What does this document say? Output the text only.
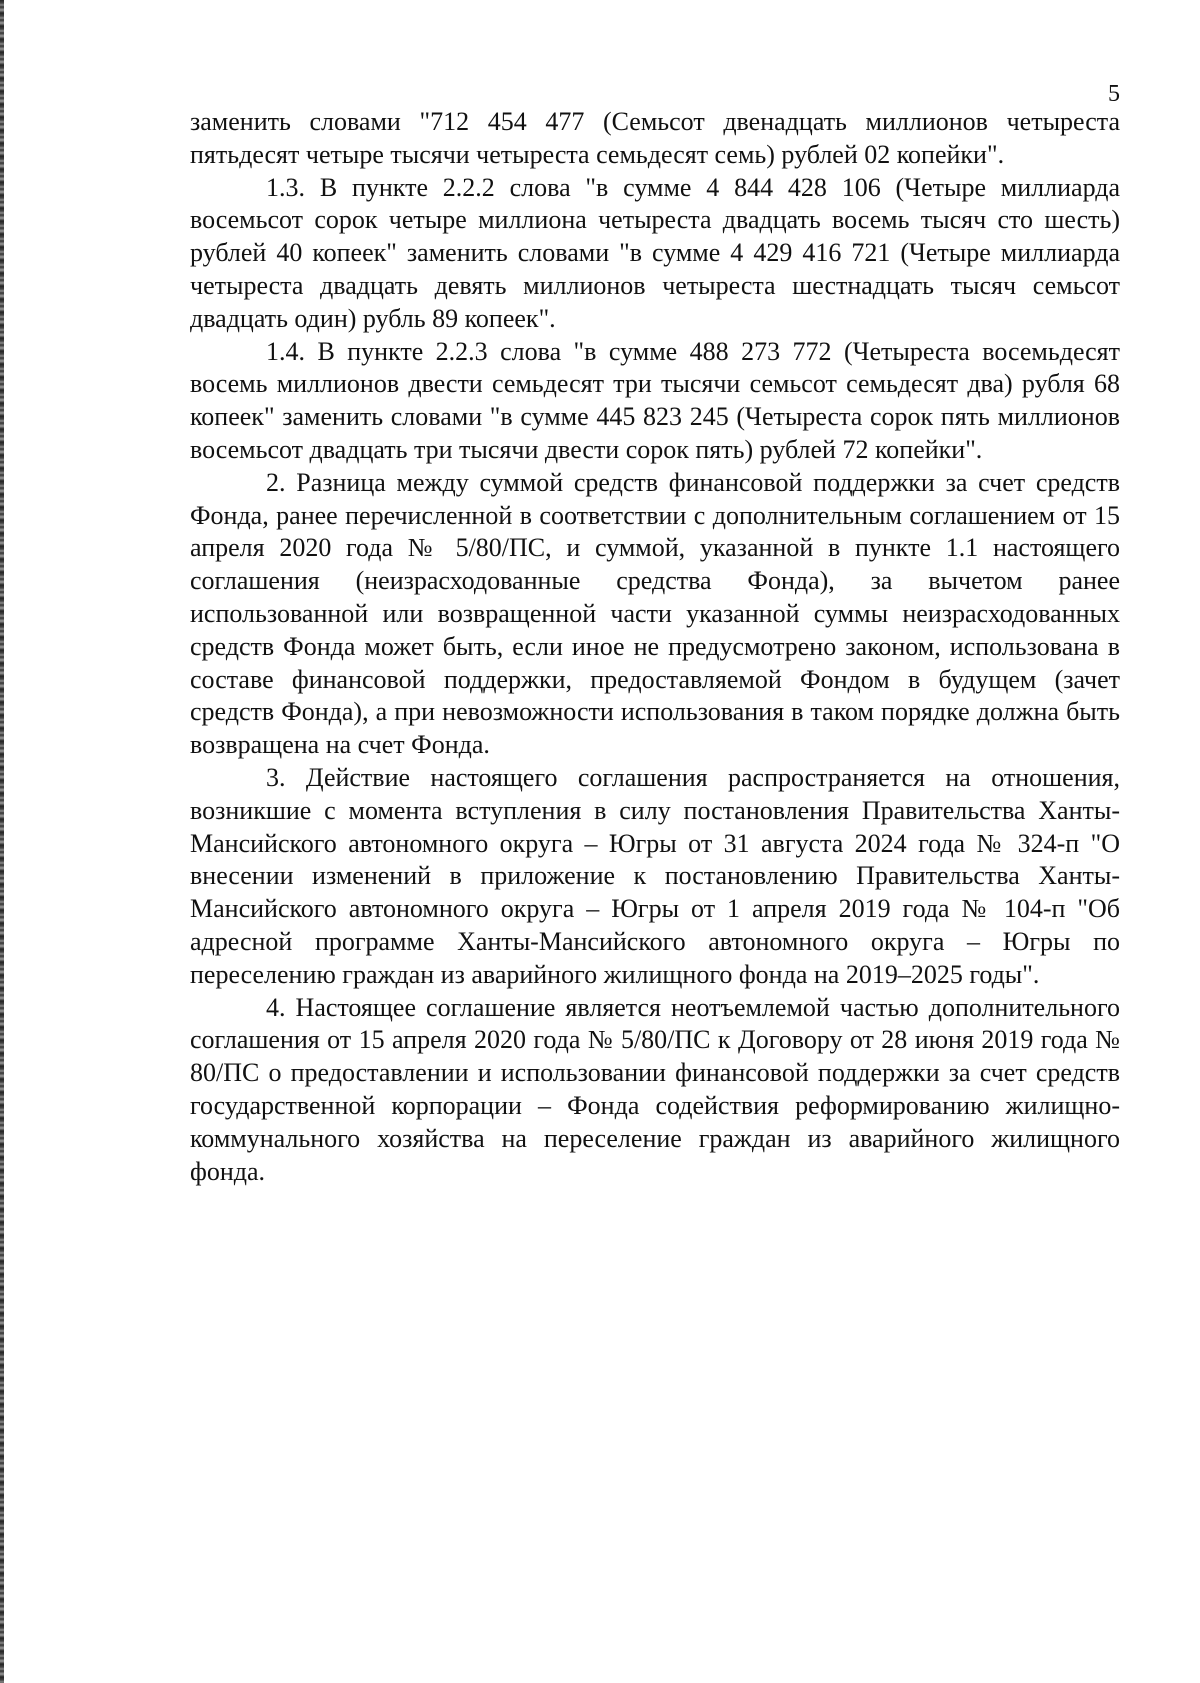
5

заменить словами "712 454 477 (Семьсот двенадцать миллионов четыреста пятьдесят четыре тысячи четыреста семьдесят семь) рублей 02 копейки".

1.3. В пункте 2.2.2 слова "в сумме 4 844 428 106 (Четыре миллиарда восемьсот сорок четыре миллиона четыреста двадцать восемь тысяч сто шесть) рублей 40 копеек" заменить словами "в сумме 4 429 416 721 (Четыре миллиарда четыреста двадцать девять миллионов четыреста шестнадцать тысяч семьсот двадцать один) рубль 89 копеек".

1.4. В пункте 2.2.3 слова "в сумме 488 273 772 (Четыреста восемьдесят восемь миллионов двести семьдесят три тысячи семьсот семьдесят два) рубля 68 копеек" заменить словами "в сумме 445 823 245 (Четыреста сорок пять миллионов восемьсот двадцать три тысячи двести сорок пять) рублей 72 копейки".

2. Разница между суммой средств финансовой поддержки за счет средств Фонда, ранее перечисленной в соответствии с дополнительным соглашением от 15 апреля 2020 года № 5/80/ПС, и суммой, указанной в пункте 1.1 настоящего соглашения (неизрасходованные средства Фонда), за вычетом ранее использованной или возвращенной части указанной суммы неизрасходованных средств Фонда может быть, если иное не предусмотрено законом, использована в составе финансовой поддержки, предоставляемой Фондом в будущем (зачет средств Фонда), а при невозможности использования в таком порядке должна быть возвращена на счет Фонда.

3. Действие настоящего соглашения распространяется на отношения, возникшие с момента вступления в силу постановления Правительства Ханты-Мансийского автономного округа – Югры от 31 августа 2024 года № 324-п "О внесении изменений в приложение к постановлению Правительства Ханты-Мансийского автономного округа – Югры от 1 апреля 2019 года № 104-п "Об адресной программе Ханты-Мансийского автономного округа – Югры по переселению граждан из аварийного жилищного фонда на 2019–2025 годы".

4. Настоящее соглашение является неотъемлемой частью дополнительного соглашения от 15 апреля 2020 года № 5/80/ПС к Договору от 28 июня 2019 года № 80/ПС о предоставлении и использовании финансовой поддержки за счет средств государственной корпорации – Фонда содействия реформированию жилищно-коммунального хозяйства на переселение граждан из аварийного жилищного фонда.
